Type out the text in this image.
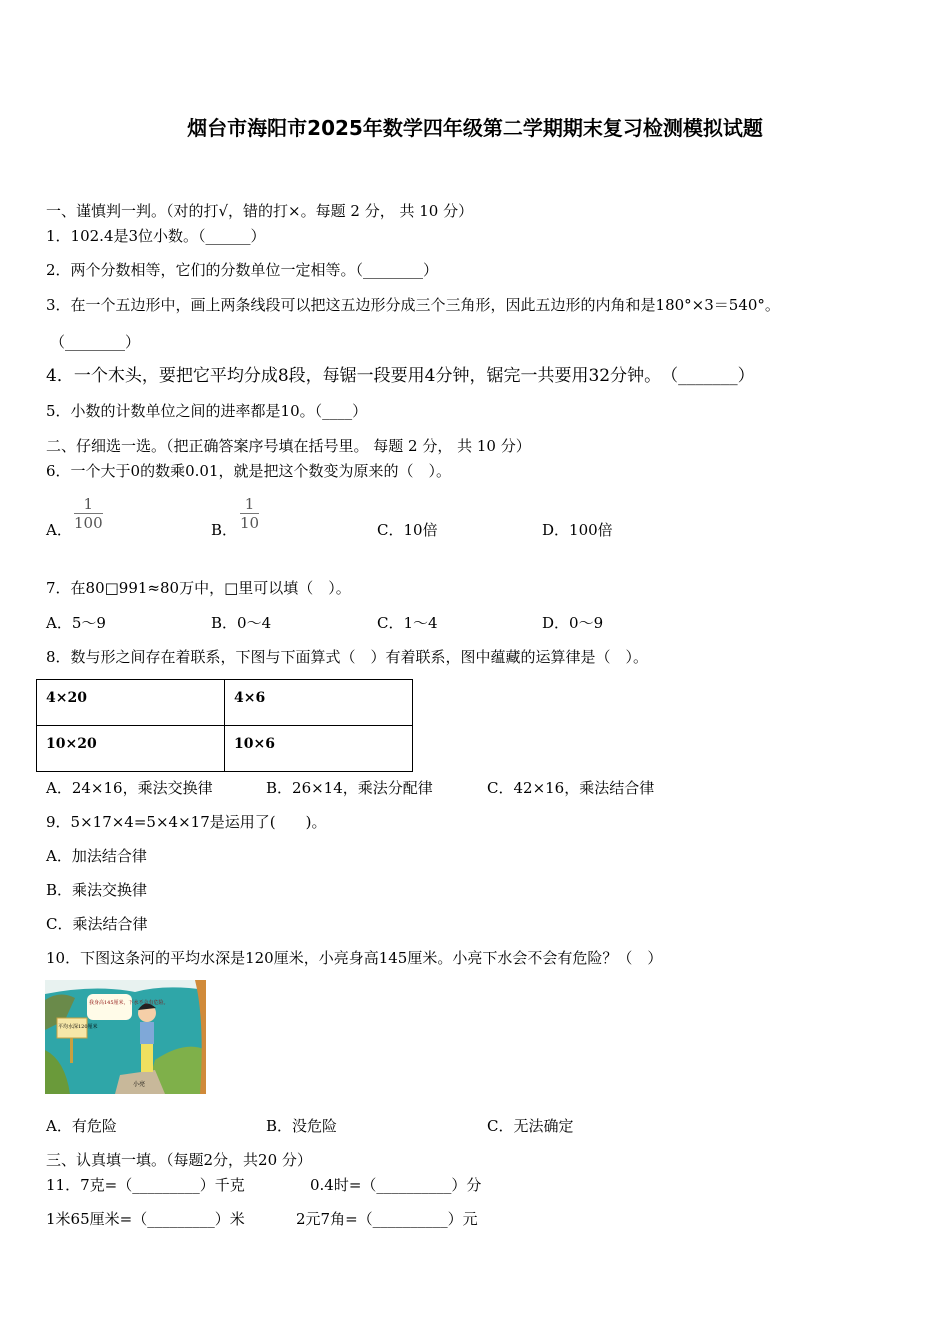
烟台市海阳市2025年数学四年级第二学期期末复习检测模拟试题
一、谨慎判一判。（对的打√，错的打×。每题 2 分， 共 10 分）
1．102.4是3位小数。（______）
2．两个分数相等，它们的分数单位一定相等。（________）
3．在一个五边形中，画上两条线段可以把这五边形分成三个三角形，因此五边形的内角和是180°×3＝540°。
（________）
4．一个木头，要把它平均分成8段，每锯一段要用4分钟，锯完一共要用32分钟。　（_______）
5．小数的计数单位之间的进率都是10。（____）
二、仔细选一选。（把正确答案序号填在括号里。 每题 2 分， 共 10 分）
6．一个大于0的数乘0.01，就是把这个数变为原来的（　）。
A． $\frac{1}{100}$	B． $\frac{1}{10}$	C．10倍	D．100倍
7．在80□991≈80万中，□里可以填（　）。
A．5～9	B．0～4	C．1～4	D．0～9
8．数与形之间存在着联系，下图与下面算式（　）有着联系，图中蕴藏的运算律是（　）。
4×20	4×6
10×20	10×6
A．24×16，乘法交换律	B．26×14，乘法分配律	C．42×16，乘法结合律
9．5×17×4=5×4×17是运用了(　　)。
A．加法结合律
B．乘法交换律
C．乘法结合律
10．下图这条河的平均水深是120厘米，小亮身高145厘米。小亮下水会不会有危险？（　）
我身高145厘米，下水不会有危险。
平均水深120厘米
小亮
A．有危险	B．没危险	C．无法确定
三、认真填一填。（每题2分，共20 分）
11．7克=（_________）千克	0.4时=（__________）分
1米65厘米=（_________）米	2元7角=（__________）元
